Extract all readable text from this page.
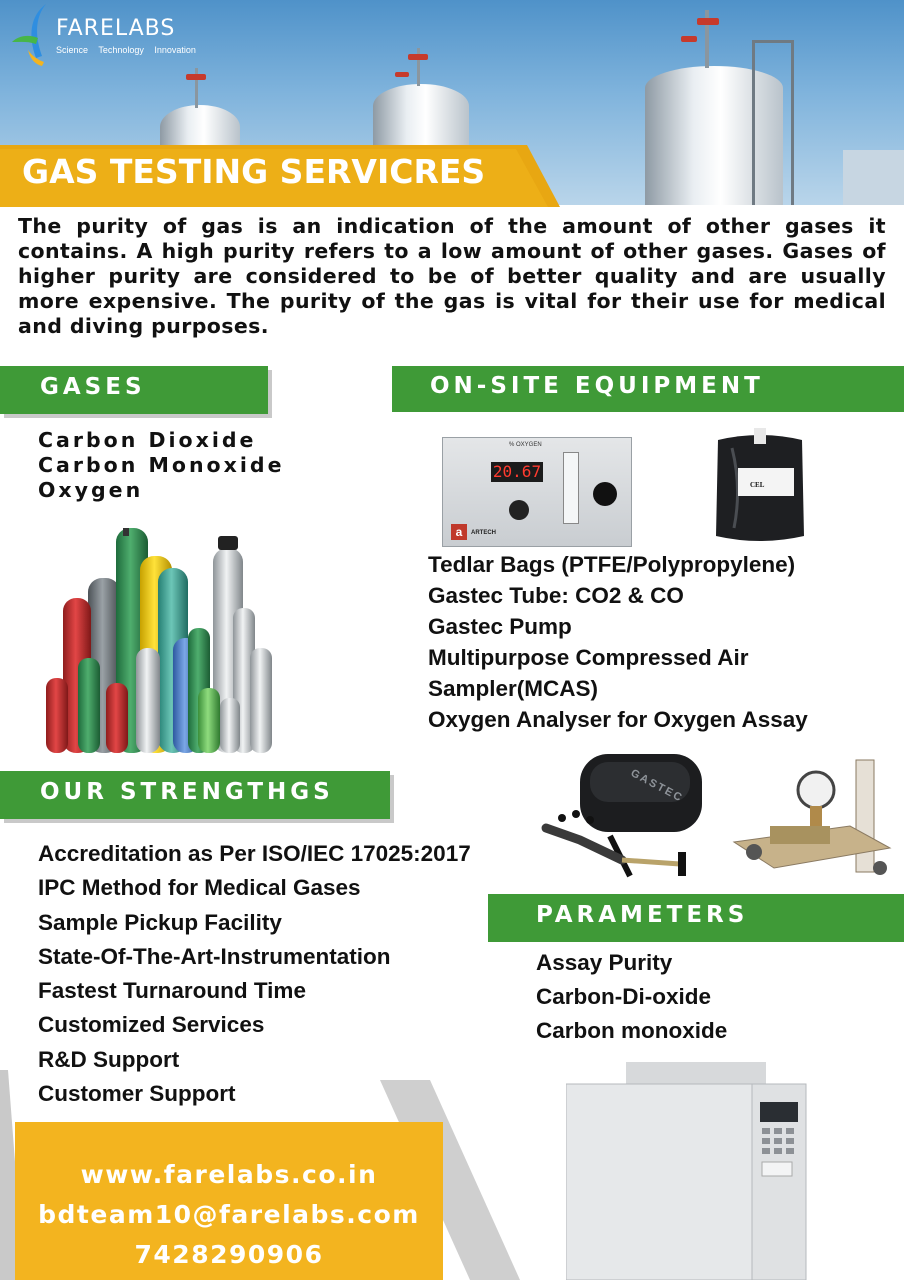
FARELABS
Science Technology Innovation
GAS TESTING SERVICRES
The purity of gas is an indication of the amount of other gases it contains. A high purity refers to a low amount of other gases. Gases of higher purity are considered to be of better quality and are usually more expensive. The purity of the gas is vital for their use for medical and diving purposes.
GASES
Carbon Dioxide
Carbon Monoxide
Oxygen
ON-SITE EQUIPMENT
% OXYGEN
20.67
a	ARTECH
CEL
Tedlar Bags (PTFE/Polypropylene)
Gastec Tube: CO2 & CO
Gastec Pump
Multipurpose Compressed Air Sampler(MCAS)
Oxygen Analyser for Oxygen Assay
GASTEC
OUR STRENGTHGS
Accreditation as Per ISO/IEC 17025:2017
IPC Method for Medical Gases
Sample Pickup Facility
State-Of-The-Art-Instrumentation
Fastest Turnaround Time
Customized Services
R&D Support
Customer Support
PARAMETERS
Assay Purity
Carbon-Di-oxide
Carbon monoxide
www.farelabs.co.in
bdteam10@farelabs.com
7428290906
